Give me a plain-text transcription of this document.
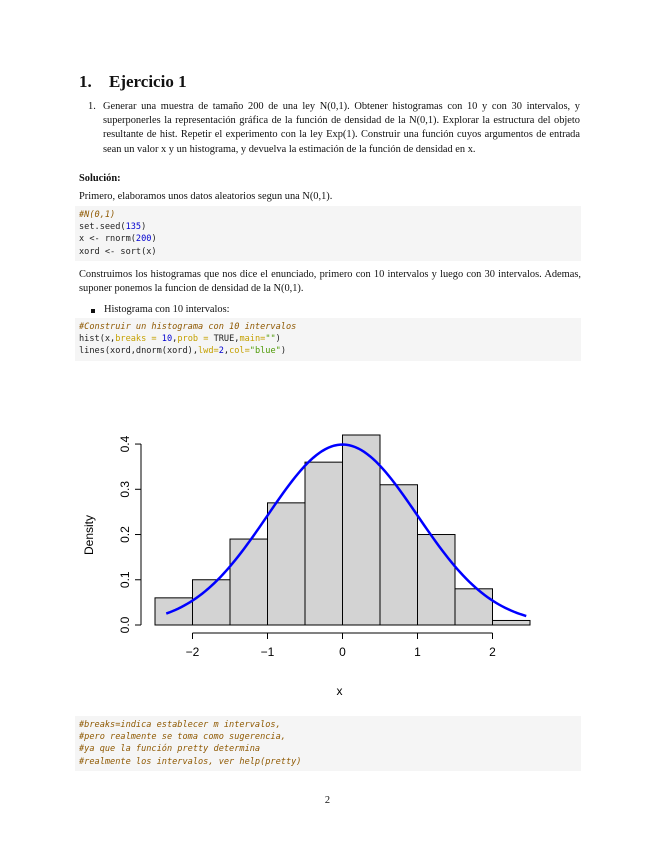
1. Ejercicio 1
1. Generar una muestra de tamaño 200 de una ley N(0,1). Obtener histogramas con 10 y con 30 intervalos, y superponerles la representación gráfica de la función de densidad de la N(0,1). Explorar la estructura del objeto resultante de hist. Repetir el experimento con la ley Exp(1). Construir una función cuyos argumentos de entrada sean un valor x y un histograma, y devuelva la estimación de la función de densidad en x.
Solución:
Primero, elaboramos unos datos aleatorios segun una N(0,1).
#N(0,1)
set.seed(135)
x <- rnorm(200)
xord <- sort(x)
Construimos los histogramas que nos dice el enunciado, primero con 10 intervalos y luego con 30 intervalos. Ademas, suponer ponemos la funcion de densidad de la N(0,1).
Histograma con 10 intervalos:
#Construir un histograma con 10 intervalos
hist(x,breaks = 10,prob = TRUE,main="")
lines(xord,dnorm(xord),lwd=2,col="blue")
−2	−1	0	1	2
0.0
0.1
0.2
0.3
0.4
x
Density
#breaks=indica establecer m intervalos,
#pero realmente se toma como sugerencia,
#ya que la función pretty determina
#realmente los intervalos, ver help(pretty)
2
